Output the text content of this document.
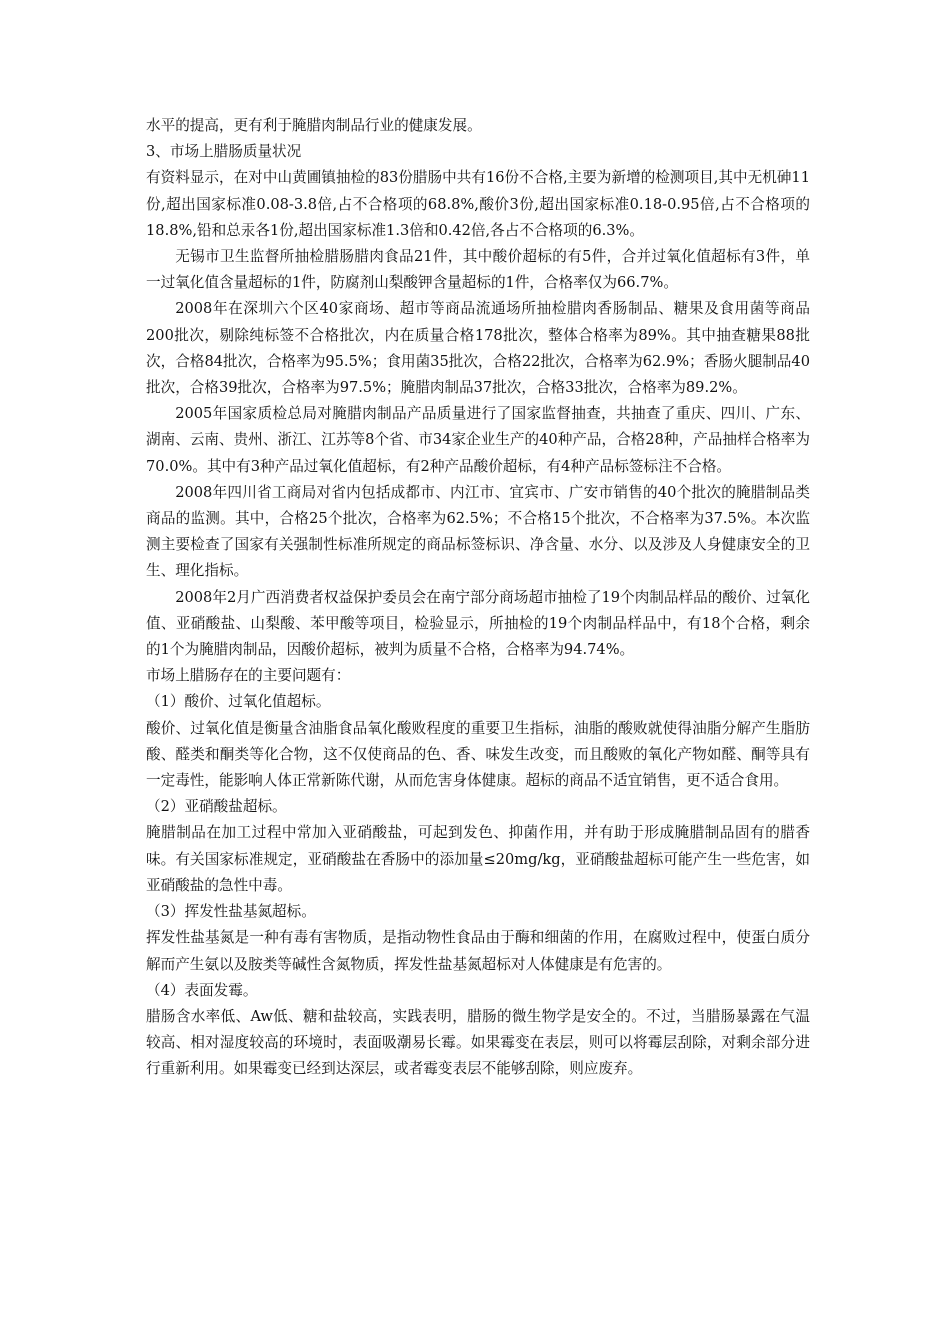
水平的提高，更有利于腌腊肉制品行业的健康发展。

3、市场上腊肠质量状况

有资料显示，在对中山黄圃镇抽检的83份腊肠中共有16份不合格,主要为新增的检测项目,其中无机砷11份,超出国家标准0.08-3.8倍,占不合格项的68.8%,酸价3份,超出国家标准0.18-0.95倍,占不合格项的18.8%,铅和总汞各1份,超出国家标准1.3倍和0.42倍,各占不合格项的6.3%。

无锡市卫生监督所抽检腊肠腊肉食品21件，其中酸价超标的有5件，合并过氧化值超标有3件，单一过氧化值含量超标的1件，防腐剂山梨酸钾含量超标的1件，合格率仅为66.7%。

2008年在深圳六个区40家商场、超市等商品流通场所抽检腊肉香肠制品、糖果及食用菌等商品200批次，剔除纯标签不合格批次，内在质量合格178批次，整体合格率为89%。其中抽查糖果88批次，合格84批次，合格率为95.5%；食用菌35批次，合格22批次，合格率为62.9%；香肠火腿制品40批次，合格39批次，合格率为97.5%；腌腊肉制品37批次，合格33批次，合格率为89.2%。

2005年国家质检总局对腌腊肉制品产品质量进行了国家监督抽查，共抽查了重庆、四川、广东、湖南、云南、贵州、浙江、江苏等8个省、市34家企业生产的40种产品，合格28种，产品抽样合格率为70.0%。其中有3种产品过氧化值超标，有2种产品酸价超标，有4种产品标签标注不合格。

2008年四川省工商局对省内包括成都市、内江市、宜宾市、广安市销售的40个批次的腌腊制品类商品的监测。其中，合格25个批次，合格率为62.5%；不合格15个批次，不合格率为37.5%。本次监测主要检查了国家有关强制性标准所规定的商品标签标识、净含量、水分、以及涉及人身健康安全的卫生、理化指标。

2008年2月广西消费者权益保护委员会在南宁部分商场超市抽检了19个肉制品样品的酸价、过氧化值、亚硝酸盐、山梨酸、苯甲酸等项目，检验显示，所抽检的19个肉制品样品中，有18个合格，剩余的1个为腌腊肉制品，因酸价超标，被判为质量不合格，合格率为94.74%。

市场上腊肠存在的主要问题有：

（1）酸价、过氧化值超标。

酸价、过氧化值是衡量含油脂食品氧化酸败程度的重要卫生指标，油脂的酸败就使得油脂分解产生脂肪酸、醛类和酮类等化合物，这不仅使商品的色、香、味发生改变，而且酸败的氧化产物如醛、酮等具有一定毒性，能影响人体正常新陈代谢，从而危害身体健康。超标的商品不适宜销售，更不适合食用。

（2）亚硝酸盐超标。

腌腊制品在加工过程中常加入亚硝酸盐，可起到发色、抑菌作用，并有助于形成腌腊制品固有的腊香味。有关国家标准规定，亚硝酸盐在香肠中的添加量≤20mg/kg，亚硝酸盐超标可能产生一些危害，如亚硝酸盐的急性中毒。

（3）挥发性盐基氮超标。

挥发性盐基氮是一种有毒有害物质，是指动物性食品由于酶和细菌的作用，在腐败过程中，使蛋白质分解而产生氨以及胺类等碱性含氮物质，挥发性盐基氮超标对人体健康是有危害的。

（4）表面发霉。

腊肠含水率低、Aw低、糖和盐较高，实践表明，腊肠的微生物学是安全的。不过，当腊肠暴露在气温较高、相对湿度较高的环境时，表面吸潮易长霉。如果霉变在表层，则可以将霉层刮除，对剩余部分进行重新利用。如果霉变已经到达深层，或者霉变表层不能够刮除，则应废弃。
